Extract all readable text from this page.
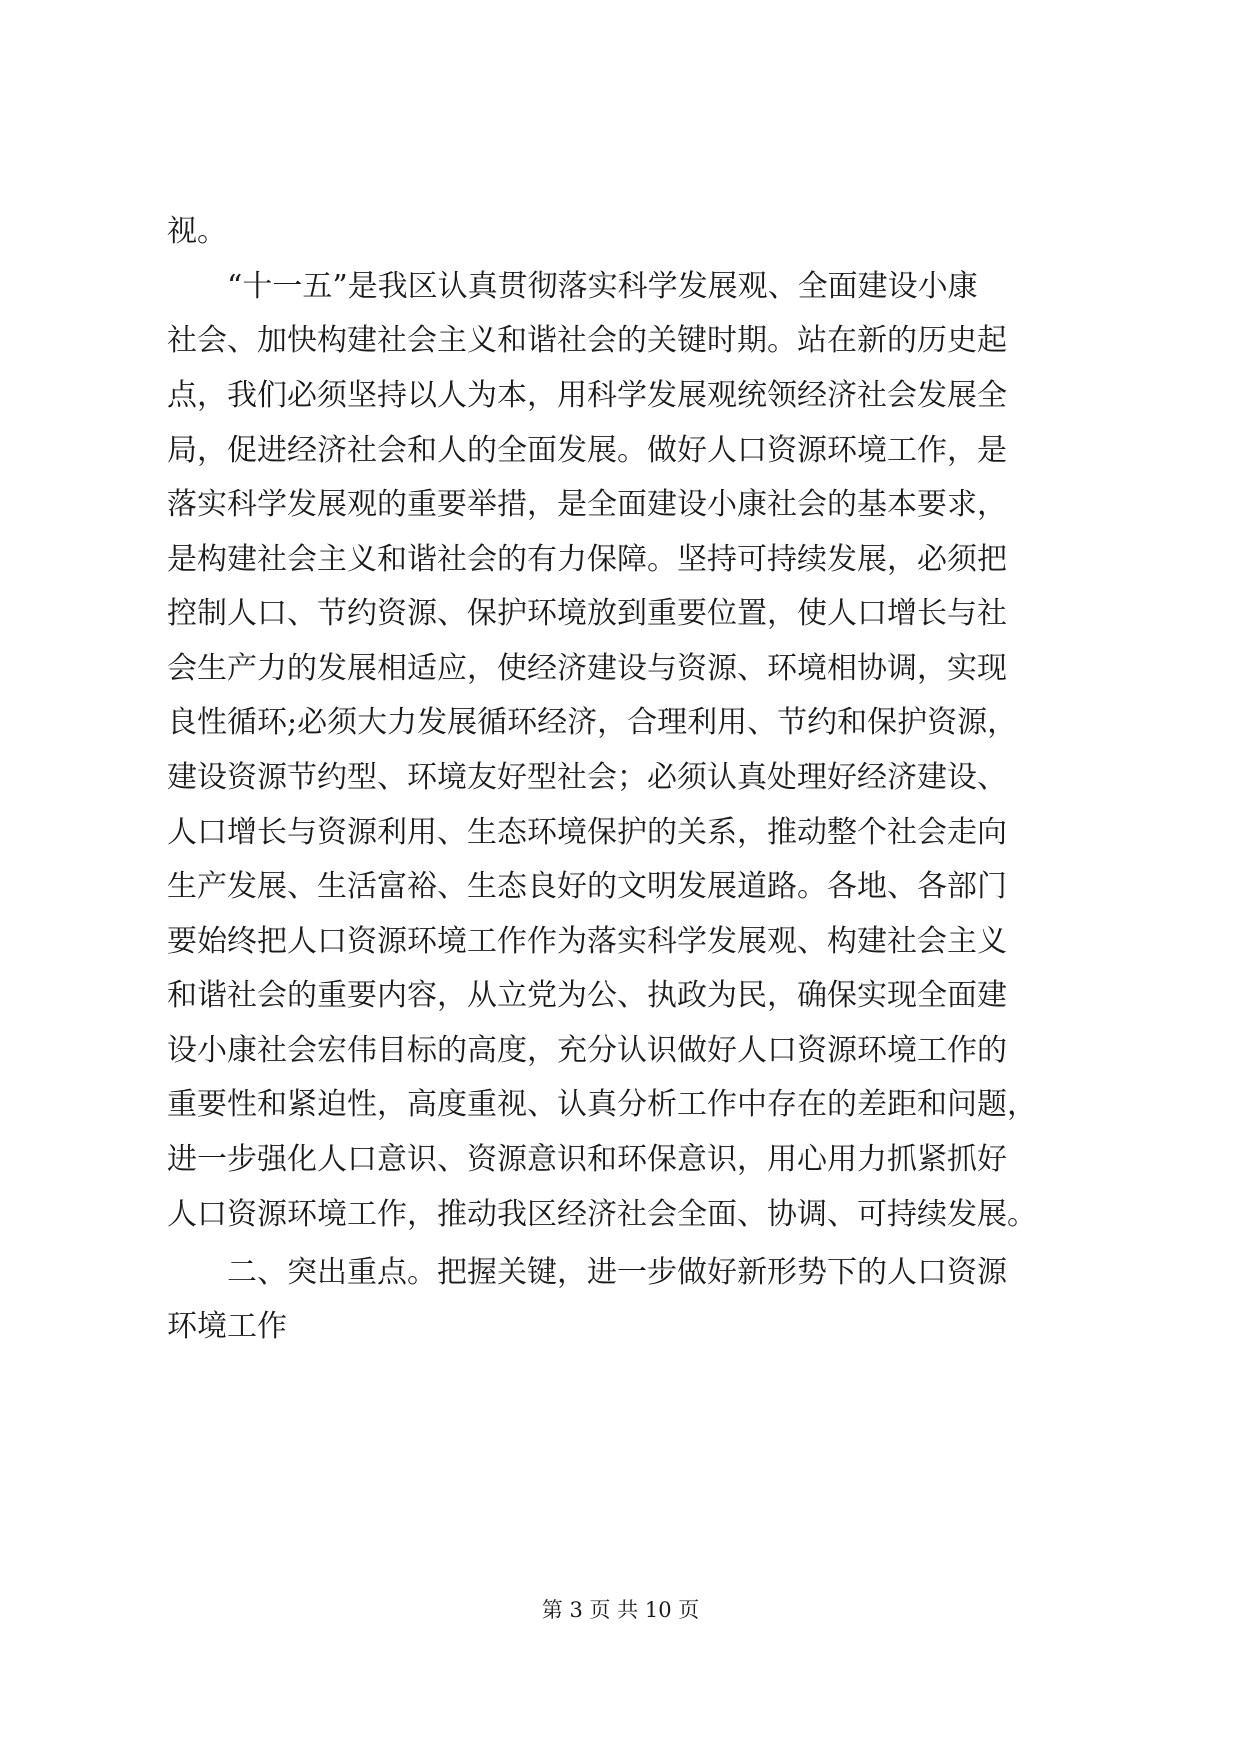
视。
　　“十一五”是我区认真贯彻落实科学发展观、全面建设小康
社会、加快构建社会主义和谐社会的关键时期。站在新的历史起
点，我们必须坚持以人为本，用科学发展观统领经济社会发展全
局，促进经济社会和人的全面发展。做好人口资源环境工作，是
落实科学发展观的重要举措，是全面建设小康社会的基本要求，
是构建社会主义和谐社会的有力保障。坚持可持续发展，必须把
控制人口、节约资源、保护环境放到重要位置，使人口增长与社
会生产力的发展相适应，使经济建设与资源、环境相协调，实现
良性循环;必须大力发展循环经济，合理利用、节约和保护资源，
建设资源节约型、环境友好型社会；必须认真处理好经济建设、
人口增长与资源利用、生态环境保护的关系，推动整个社会走向
生产发展、生活富裕、生态良好的文明发展道路。各地、各部门
要始终把人口资源环境工作作为落实科学发展观、构建社会主义
和谐社会的重要内容，从立党为公、执政为民，确保实现全面建
设小康社会宏伟目标的高度，充分认识做好人口资源环境工作的
重要性和紧迫性，高度重视、认真分析工作中存在的差距和问题，
进一步强化人口意识、资源意识和环保意识，用心用力抓紧抓好
人口资源环境工作，推动我区经济社会全面、协调、可持续发展。
　　二、突出重点。把握关键，进一步做好新形势下的人口资源
环境工作
第 3 页 共 10 页
